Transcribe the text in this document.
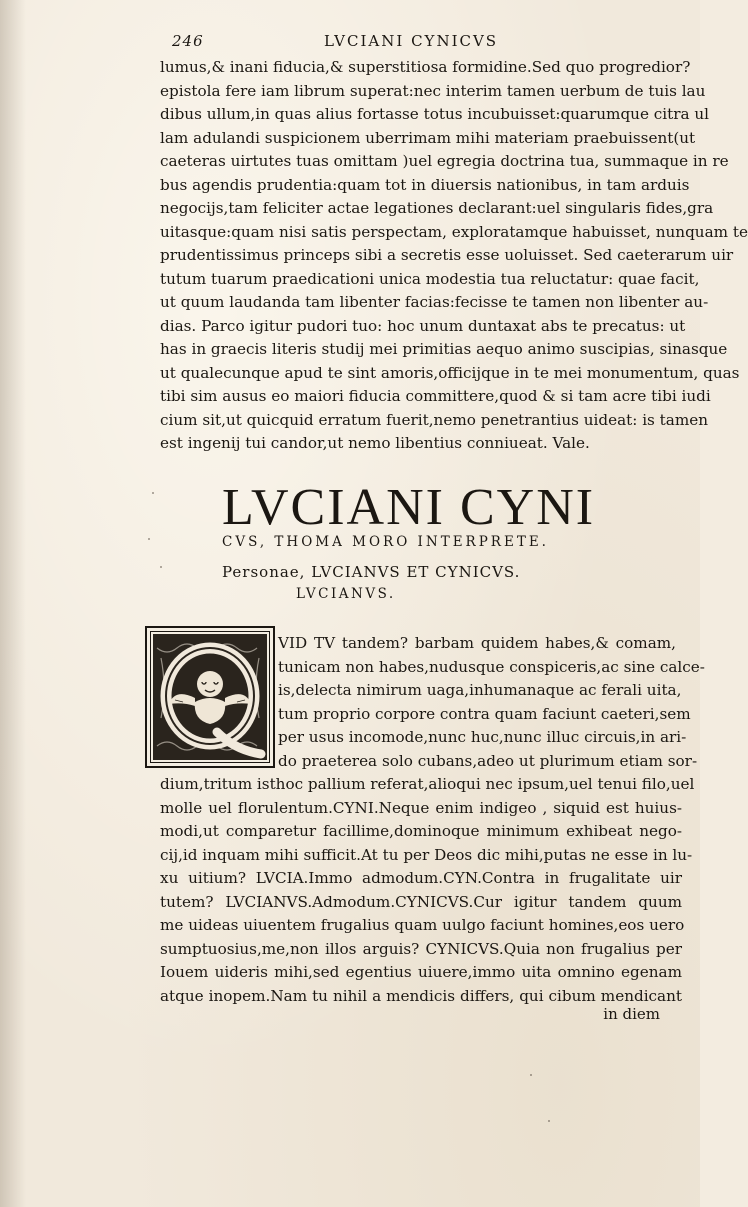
246	LVCIANI CYNICVS
lumus,& inani fiducia,& superstitiosa formidine.Sed quo progredior?
epistola fere iam librum superat:nec interim tamen uerbum de tuis lau
dibus ullum,in quas alius fortasse totus incubuisset:quarumque citra ul
lam adulandi suspicionem uberrimam mihi materiam praebuissent(ut
caeteras uirtutes tuas omittam )uel egregia doctrina tua, summaque in re
bus agendis prudentia:quam tot in diuersis nationibus, in tam arduis
negocijs,tam feliciter actae legationes declarant:uel singularis fides,gra
uitasque:quam nisi satis perspectam, exploratamque habuisset, nunquam te
prudentissimus princeps sibi a secretis esse uoluisset. Sed caeterarum uir
tutum tuarum praedicationi unica modestia tua reluctatur: quae facit,
ut quum laudanda tam libenter facias:fecisse te tamen non libenter au-
dias. Parco igitur pudori tuo: hoc unum duntaxat abs te precatus: ut
has in graecis literis studij mei primitias aequo animo suscipias, sinasque
ut qualecunque apud te sint amoris,officijque in te mei monumentum, quas
tibi sim ausus eo maiori fiducia committere,quod & si tam acre tibi iudi
cium sit,ut quicquid erratum fuerit,nemo penetrantius uideat: is tamen
est ingenij tui candor,ut nemo libentius conniueat. Vale.
LVCIANI CYNI
CVS, THOMA MORO INTERPRETE.
Personae, LVCIANVS ET CYNICVS.
LVCIANVS.
VID TV tandem? barbam quidem habes,& comam,
tunicam non habes,nudusque conspiceris,ac sine calce-
is,delecta nimirum uaga,inhumanaque ac ferali uita,
tum proprio corpore contra quam faciunt caeteri,sem
per usus incomode,nunc huc,nunc illuc circuis,in ari-
do praeterea solo cubans,adeo ut plurimum etiam sor-
dium,tritum isthoc pallium referat,alioqui nec ipsum,uel tenui filo,uel
molle uel florulentum.CYNI.Neque enim indigeo , siquid est huius-
modi,ut comparetur facillime,dominoque minimum exhibeat nego-
cij,id inquam mihi sufficit.At tu per Deos dic mihi,putas ne esse in lu-
xu uitium? LVCIA.Immo admodum.CYN.Contra in frugalitate uir
tutem? LVCIANVS.Admodum.CYNICVS.Cur igitur tandem quum
me uideas uiuentem frugalius quam uulgo faciunt homines,eos uero
sumptuosius,me,non illos arguis? CYNICVS.Quia non frugalius per
Iouem uideris mihi,sed egentius uiuere,immo uita omnino egenam
atque inopem.Nam tu nihil a mendicis differs, qui cibum mendicant
in diem
